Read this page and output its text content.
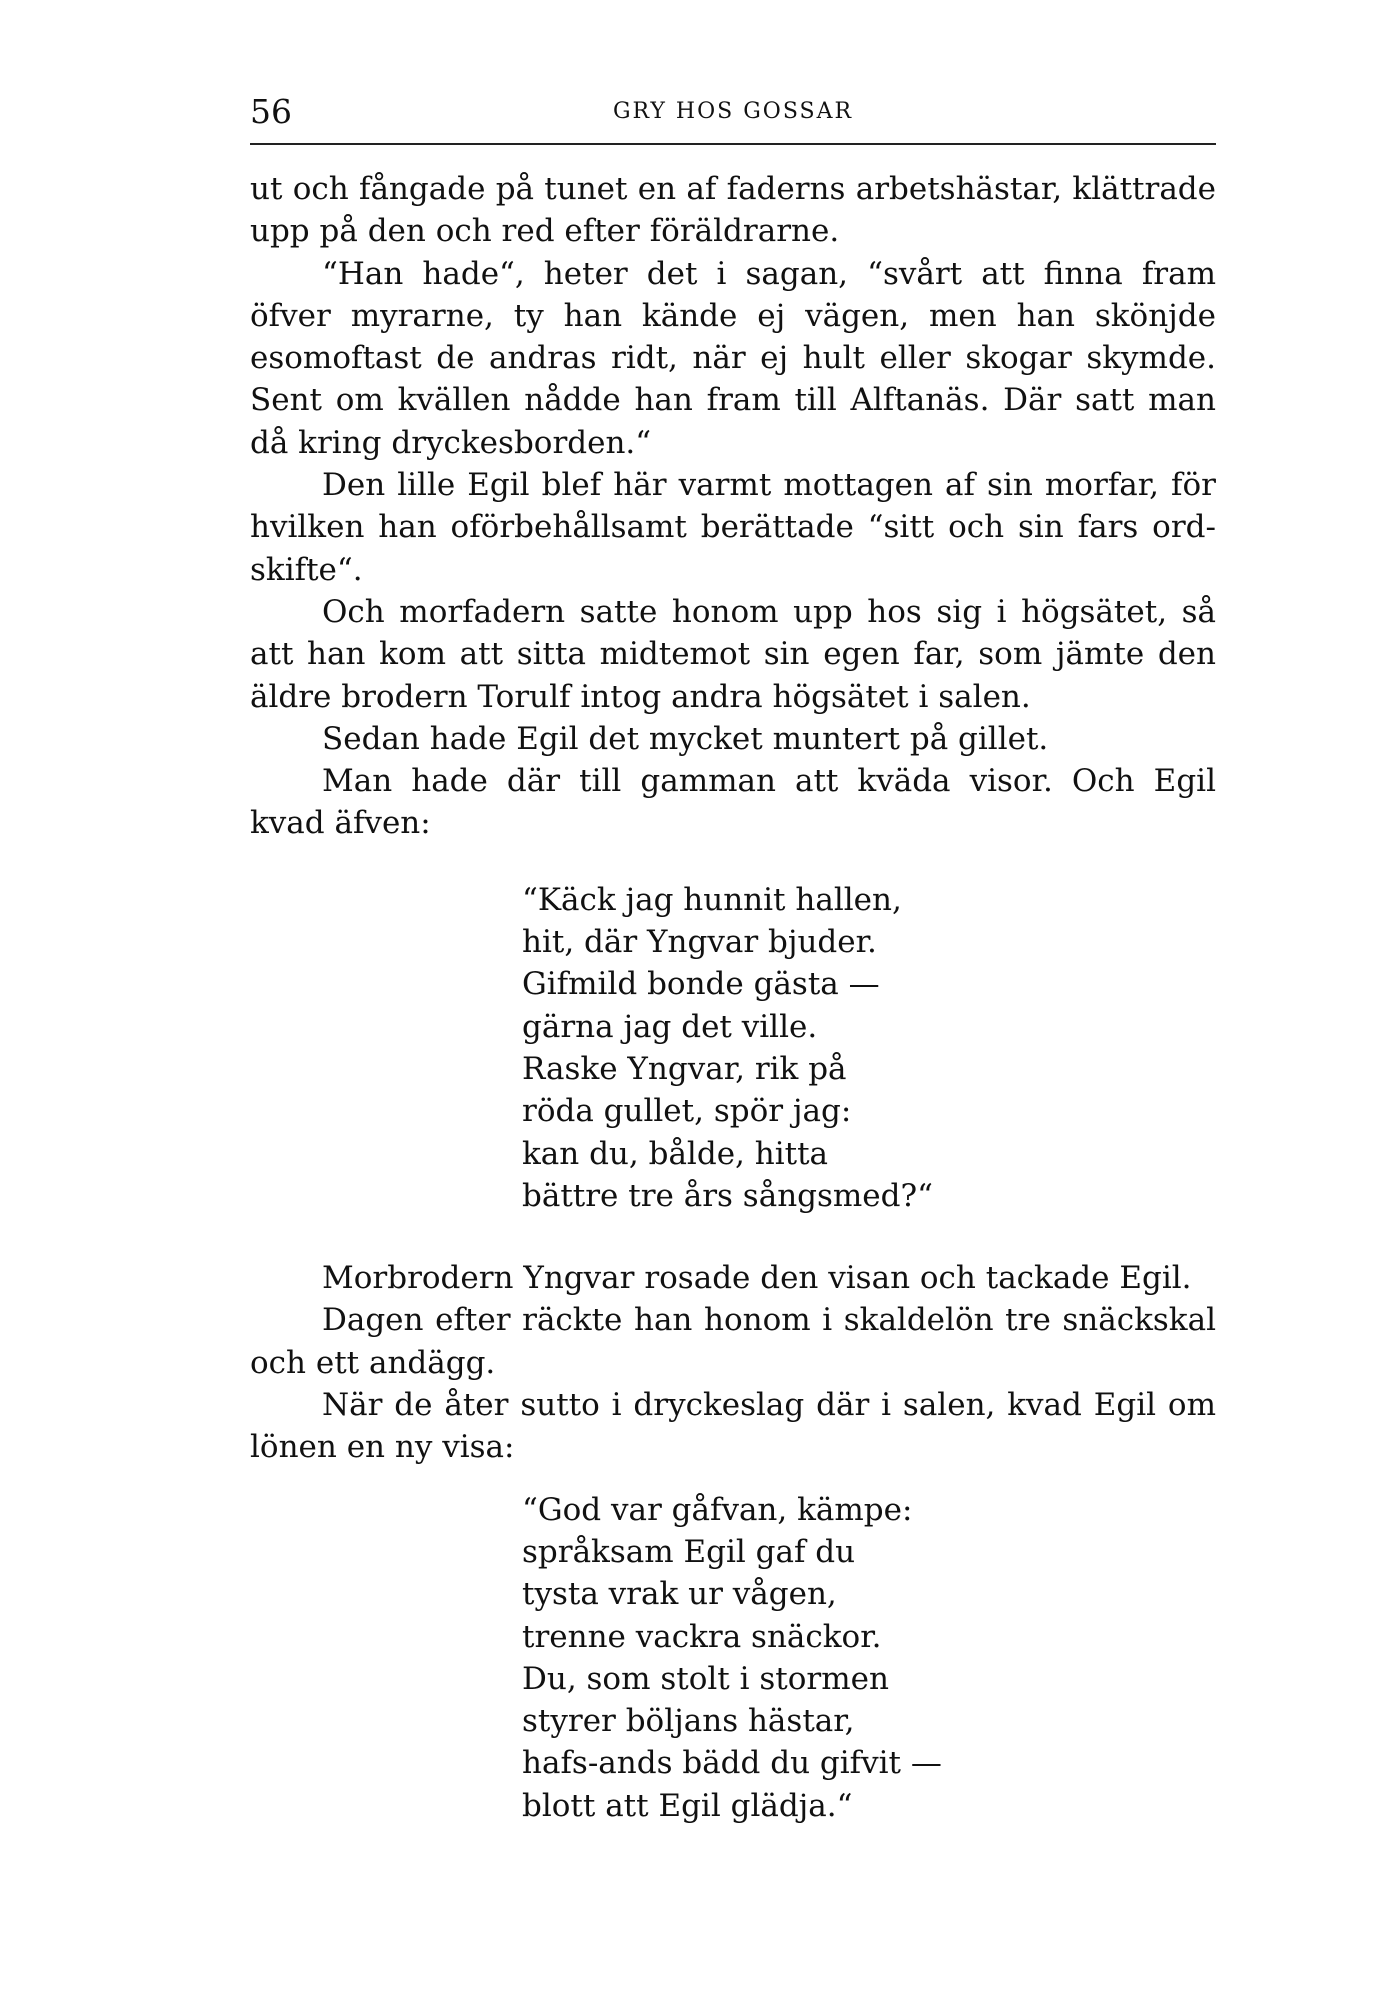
56	GRY HOS GOSSAR

ut och fångade på tunet en af faderns arbetshästar, klättrade upp på den och red efter föräldrarne.

“Han hade“, heter det i sagan, “svårt att finna fram öfver myrarne, ty han kände ej vägen, men han skönjde esomoftast de andras ridt, när ej hult eller skogar skymde. Sent om kvällen nådde han fram till Alftanäs. Där satt man då kring dryckesborden.“

Den lille Egil blef här varmt mottagen af sin morfar, för hvilken han oförbehållsamt berättade “sitt och sin fars ordskifte“.

Och morfadern satte honom upp hos sig i högsätet, så att han kom att sitta midtemot sin egen far, som jämte den äldre brodern Torulf intog andra högsätet i salen.

Sedan hade Egil det mycket muntert på gillet.

Man hade där till gamman att kväda visor. Och Egil kvad äfven:

“Käck jag hunnit hallen,
hit, där Yngvar bjuder.
Gifmild bonde gästa —
gärna jag det ville.
Raske Yngvar, rik på
röda gullet, spör jag:
kan du, bålde, hitta
bättre tre års sångsmed?“

Morbrodern Yngvar rosade den visan och tackade Egil.

Dagen efter räckte han honom i skaldelön tre snäckskal och ett andägg.

När de åter sutto i dryckeslag där i salen, kvad Egil om lönen en ny visa:

“God var gåfvan, kämpe:
språksam Egil gaf du
tysta vrak ur vågen,
trenne vackra snäckor.
Du, som stolt i stormen
styrer böljans hästar,
hafs-ands bädd du gifvit —
blott att Egil glädja.“
